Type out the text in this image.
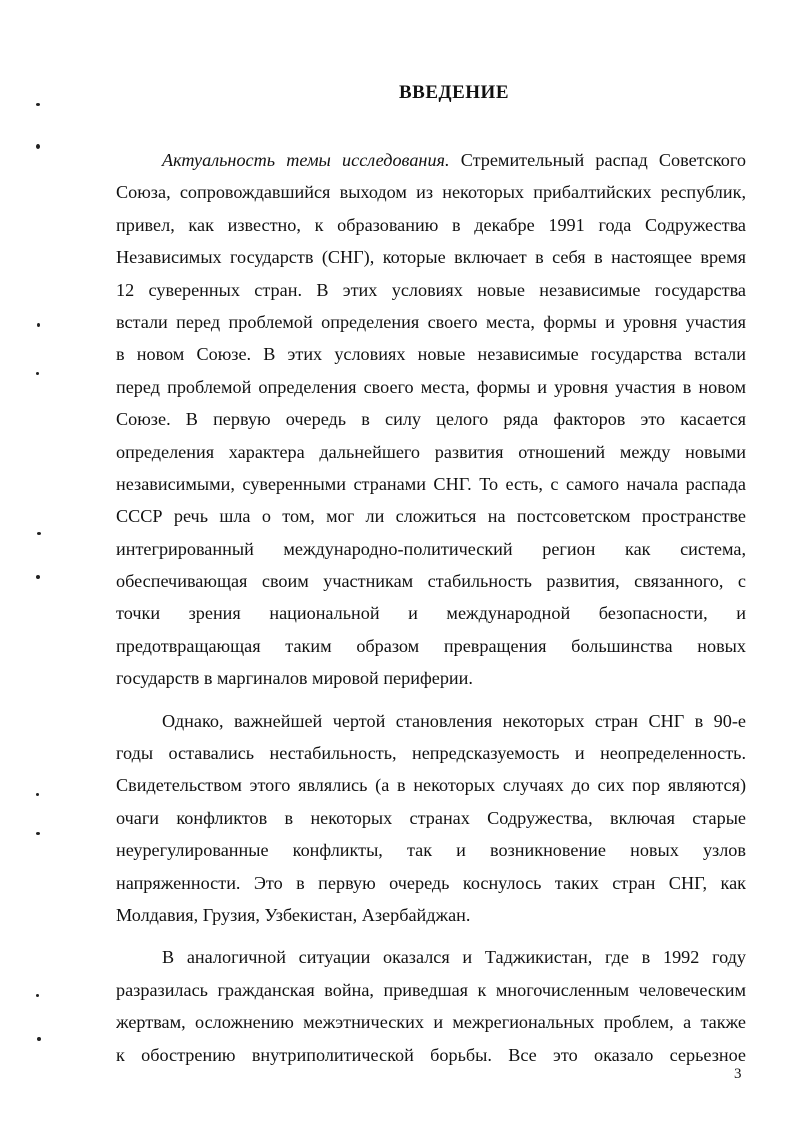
ВВЕДЕНИЕ
Актуальность темы исследования. Стремительный распад Советского
Союза, сопровождавшийся выходом из некоторых прибалтийских республик,
привел, как известно, к образованию в декабре 1991 года Содружества
Независимых государств (СНГ), которые включает в себя в настоящее время
12 суверенных стран. В этих условиях новые независимые государства
встали перед проблемой определения своего места, формы и уровня участия
в новом Союзе. В этих условиях новые независимые государства встали
перед проблемой определения своего места, формы и уровня участия в новом
Союзе. В первую очередь в силу целого ряда факторов это касается
определения характера дальнейшего развития отношений между новыми
независимыми, суверенными странами СНГ. То есть, с самого начала распада
СССР речь шла о том, мог ли сложиться на постсоветском пространстве
интегрированный международно-политический регион как система,
обеспечивающая своим участникам стабильность развития, связанного, с
точки зрения национальной и международной безопасности, и
предотвращающая таким образом превращения большинства новых
государств в маргиналов мировой периферии.
Однако, важнейшей чертой становления некоторых стран СНГ в 90-е
годы оставались нестабильность, непредсказуемость и неопределенность.
Свидетельством этого являлись (а в некоторых случаях до сих пор являются)
очаги конфликтов в некоторых странах Содружества, включая старые
неурегулированные конфликты, так и возникновение новых узлов
напряженности. Это в первую очередь коснулось таких стран СНГ, как
Молдавия, Грузия, Узбекистан, Азербайджан.
В аналогичной ситуации оказался и Таджикистан, где в 1992 году
разразилась гражданская война, приведшая к многочисленным человеческим
жертвам, осложнению межэтнических и межрегиональных проблем, а также
к обострению внутриполитической борьбы. Все это оказало серьезное
3
